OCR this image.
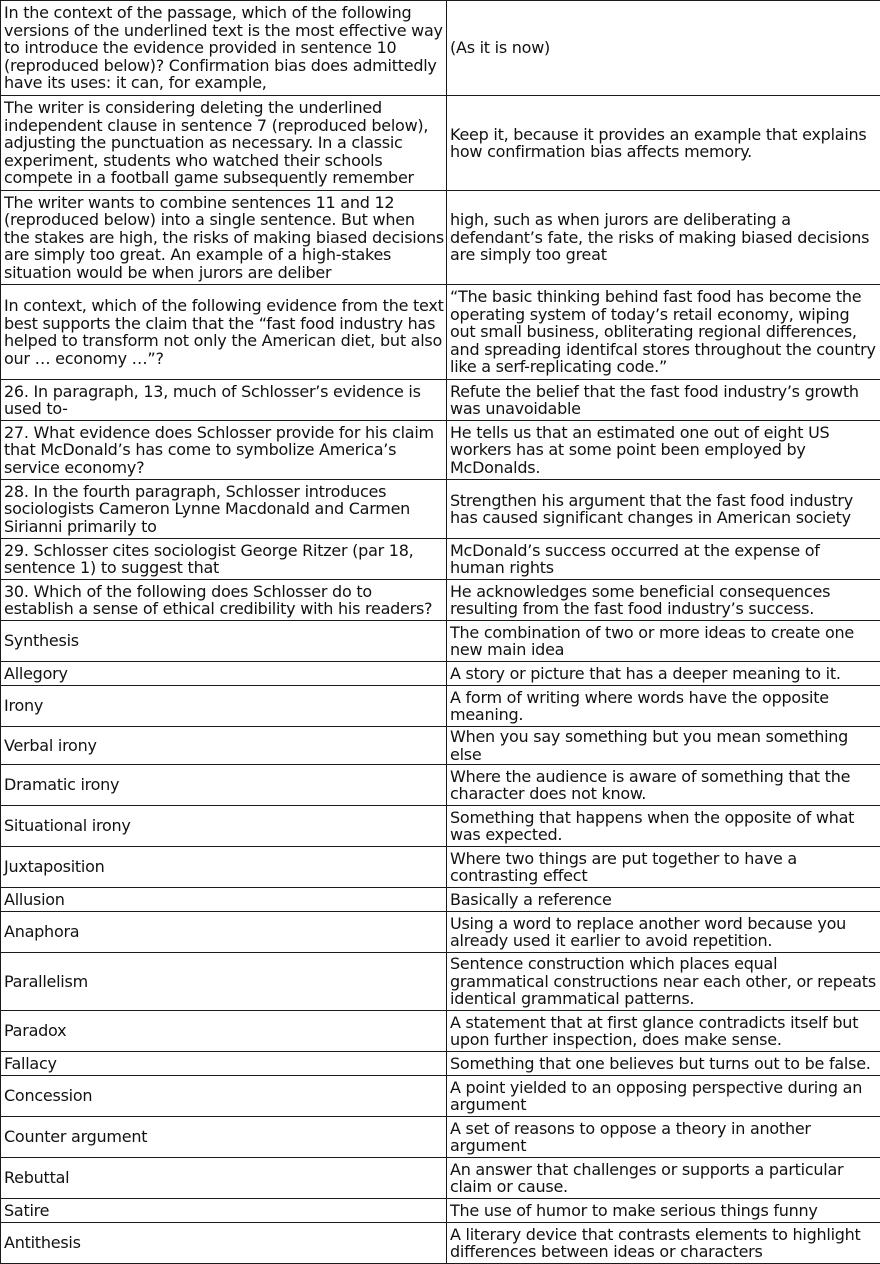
In the context of the passage, which of the following versions of the underlined text is the most effective way to introduce the evidence provided in sentence 10 (reproduced below)? Confirmation bias does admittedly have its uses: it can, for example,	(As it is now)
The writer is considering deleting the underlined independent clause in sentence 7 (reproduced below), adjusting the punctuation as necessary. In a classic experiment, students who watched their schools compete in a football game subsequently remember	Keep it, because it provides an example that explains how confirmation bias affects memory.
The writer wants to combine sentences 11 and 12 (reproduced below) into a single sentence. But when the stakes are high, the risks of making biased decisions are simply too great. An example of a high-stakes situation would be when jurors are deliber	high, such as when jurors are deliberating a defendant’s fate, the risks of making biased decisions are simply too great
In context, which of the following evidence from the text best supports the claim that the “fast food industry has helped to transform not only the American diet, but also our … economy …”?	“The basic thinking behind fast food has become the operating system of today’s retail economy, wiping out small business, obliterating regional differences, and spreading identifcal stores throughout the country like a serf-replicating code.”
26. In paragraph, 13, much of Schlosser’s evidence is used to-	Refute the belief that the fast food industry’s growth was unavoidable
27. What evidence does Schlosser provide for his claim that McDonald’s has come to symbolize America’s service economy?	He tells us that an estimated one out of eight US workers has at some point been employed by McDonalds.
28. In the fourth paragraph, Schlosser introduces sociologists Cameron Lynne Macdonald and Carmen Sirianni primarily to	Strengthen his argument that the fast food industry has caused significant changes in American society
29. Schlosser cites sociologist George Ritzer (par 18, sentence 1) to suggest that	McDonald’s success occurred at the expense of human rights
30. Which of the following does Schlosser do to establish a sense of ethical credibility with his readers?	He acknowledges some beneficial consequences resulting from the fast food industry’s success.
Synthesis	The combination of two or more ideas to create one new main idea
Allegory	A story or picture that has a deeper meaning to it.
Irony	A form of writing where words have the opposite meaning.
Verbal irony	When you say something but you mean something else
Dramatic irony	Where the audience is aware of something that the character does not know.
Situational irony	Something that happens when the opposite of what was expected.
Juxtaposition	Where two things are put together to have a contrasting effect
Allusion	Basically a reference
Anaphora	Using a word to replace another word because you already used it earlier to avoid repetition.
Parallelism	Sentence construction which places equal grammatical constructions near each other, or repeats identical grammatical patterns.
Paradox	A statement that at first glance contradicts itself but upon further inspection, does make sense.
Fallacy	Something that one believes but turns out to be false.
Concession	A point yielded to an opposing perspective during an argument
Counter argument	A set of reasons to oppose a theory in another argument
Rebuttal	An answer that challenges or supports a particular claim or cause.
Satire	The use of humor to make serious things funny
Antithesis	A literary device that contrasts elements to highlight differences between ideas or characters
